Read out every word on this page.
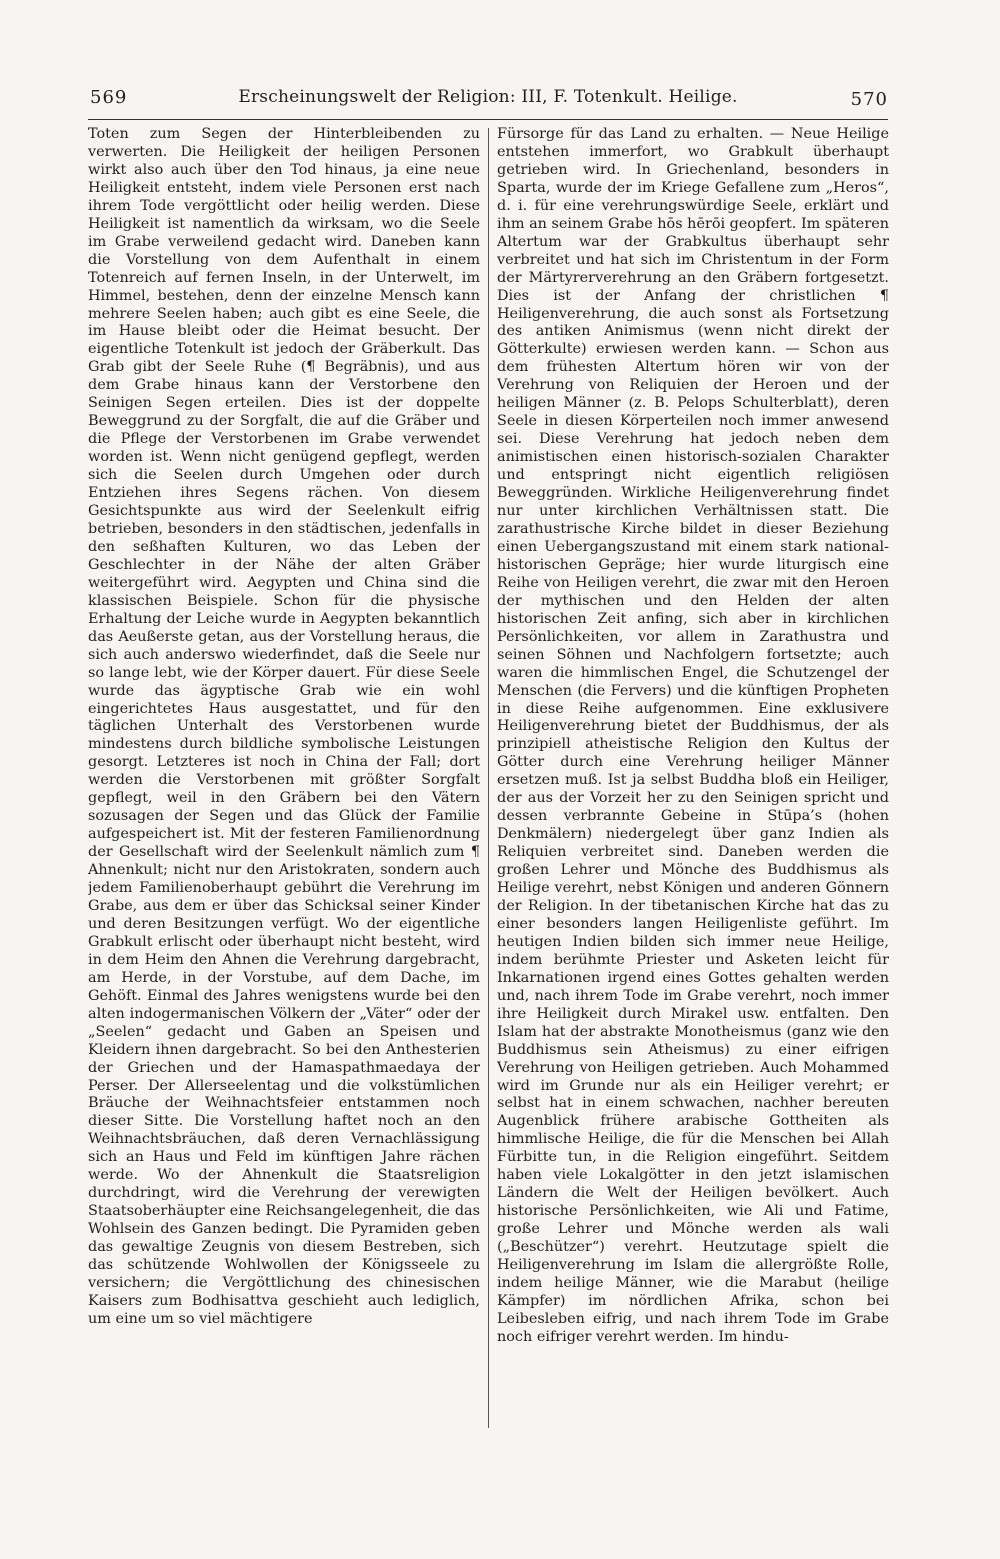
569	Erscheinungswelt der Religion: III, F. Totenkult. Heilige.	570

Toten zum Segen der Hinterbleibenden zu verwerten. Die Heiligkeit der heiligen Personen wirkt also auch über den Tod hinaus, ja eine neue Heiligkeit entsteht, indem viele Personen erst nach ihrem Tode vergöttlicht oder heilig werden. Diese Heiligkeit ist namentlich da wirksam, wo die Seele im Grabe verweilend gedacht wird. Daneben kann die Vorstellung von dem Aufenthalt in einem Totenreich auf fernen Inseln, in der Unterwelt, im Himmel, bestehen, denn der einzelne Mensch kann mehrere Seelen haben; auch gibt es eine Seele, die im Hause bleibt oder die Heimat besucht. Der eigentliche Totenkult ist jedoch der Gräberkult. Das Grab gibt der Seele Ruhe (¶ Begräbnis), und aus dem Grabe hinaus kann der Verstorbene den Seinigen Segen erteilen. Dies ist der doppelte Beweggrund zu der Sorgfalt, die auf die Gräber und die Pflege der Verstorbenen im Grabe verwendet worden ist. Wenn nicht genügend gepflegt, werden sich die Seelen durch Umgehen oder durch Entziehen ihres Segens rächen. Von diesem Gesichtspunkte aus wird der Seelenkult eifrig betrieben, besonders in den städtischen, jedenfalls in den seßhaften Kulturen, wo das Leben der Geschlechter in der Nähe der alten Gräber weitergeführt wird. Aegypten und China sind die klassischen Beispiele. Schon für die physische Erhaltung der Leiche wurde in Aegypten bekanntlich das Aeußerste getan, aus der Vorstellung heraus, die sich auch anderswo wiederfindet, daß die Seele nur so lange lebt, wie der Körper dauert. Für diese Seele wurde das ägyptische Grab wie ein wohl eingerichtetes Haus ausgestattet, und für den täglichen Unterhalt des Verstorbenen wurde mindestens durch bildliche symbolische Leistungen gesorgt. Letzteres ist noch in China der Fall; dort werden die Verstorbenen mit größter Sorgfalt gepflegt, weil in den Gräbern bei den Vätern sozusagen der Segen und das Glück der Familie aufgespeichert ist. Mit der festeren Familienordnung der Gesellschaft wird der Seelenkult nämlich zum ¶ Ahnenkult; nicht nur den Aristokraten, sondern auch jedem Familienoberhaupt gebührt die Verehrung im Grabe, aus dem er über das Schicksal seiner Kinder und deren Besitzungen verfügt. Wo der eigentliche Grabkult erlischt oder überhaupt nicht besteht, wird in dem Heim den Ahnen die Verehrung dargebracht, am Herde, in der Vorstube, auf dem Dache, im Gehöft. Einmal des Jahres wenigstens wurde bei den alten indogermanischen Völkern der „Väter“ oder der „Seelen“ gedacht und Gaben an Speisen und Kleidern ihnen dargebracht. So bei den Anthesterien der Griechen und der Hamaspathmaedaya der Perser. Der Allerseelentag und die volkstümlichen Bräuche der Weihnachtsfeier entstammen noch dieser Sitte. Die Vorstellung haftet noch an den Weihnachtsbräuchen, daß deren Vernachlässigung sich an Haus und Feld im künftigen Jahre rächen werde. Wo der Ahnenkult die Staatsreligion durchdringt, wird die Verehrung der verewigten Staatsoberhäupter eine Reichsangelegenheit, die das Wohlsein des Ganzen bedingt. Die Pyramiden geben das gewaltige Zeugnis von diesem Bestreben, sich das schützende Wohlwollen der Königsseele zu versichern; die Vergöttlichung des chinesischen Kaisers zum Bodhisattva geschieht auch lediglich, um eine um so viel mächtigere

Fürsorge für das Land zu erhalten. — Neue Heilige entstehen immerfort, wo Grabkult überhaupt getrieben wird. In Griechenland, besonders in Sparta, wurde der im Kriege Gefallene zum „Heros“, d. i. für eine verehrungswürdige Seele, erklärt und ihm an seinem Grabe hōs hērōi geopfert. Im späteren Altertum war der Grabkultus überhaupt sehr verbreitet und hat sich im Christentum in der Form der Märtyrerverehrung an den Gräbern fortgesetzt. Dies ist der Anfang der christlichen ¶ Heiligenverehrung, die auch sonst als Fortsetzung des antiken Animismus (wenn nicht direkt der Götterkulte) erwiesen werden kann. — Schon aus dem frühesten Altertum hören wir von der Verehrung von Reliquien der Heroen und der heiligen Männer (z. B. Pelops Schulterblatt), deren Seele in diesen Körperteilen noch immer anwesend sei. Diese Verehrung hat jedoch neben dem animistischen einen historisch-sozialen Charakter und entspringt nicht eigentlich religiösen Beweggründen. Wirkliche Heiligenverehrung findet nur unter kirchlichen Verhältnissen statt. Die zarathustrische Kirche bildet in dieser Beziehung einen Uebergangszustand mit einem stark national-historischen Gepräge; hier wurde liturgisch eine Reihe von Heiligen verehrt, die zwar mit den Heroen der mythischen und den Helden der alten historischen Zeit anfing, sich aber in kirchlichen Persönlichkeiten, vor allem in Zarathustra und seinen Söhnen und Nachfolgern fortsetzte; auch waren die himmlischen Engel, die Schutzengel der Menschen (die Fervers) und die künftigen Propheten in diese Reihe aufgenommen. Eine exklusivere Heiligenverehrung bietet der Buddhismus, der als prinzipiell atheistische Religion den Kultus der Götter durch eine Verehrung heiliger Männer ersetzen muß. Ist ja selbst Buddha bloß ein Heiliger, der aus der Vorzeit her zu den Seinigen spricht und dessen verbrannte Gebeine in Stūpa’s (hohen Denkmälern) niedergelegt über ganz Indien als Reliquien verbreitet sind. Daneben werden die großen Lehrer und Mönche des Buddhismus als Heilige verehrt, nebst Königen und anderen Gönnern der Religion. In der tibetanischen Kirche hat das zu einer besonders langen Heiligenliste geführt. Im heutigen Indien bilden sich immer neue Heilige, indem berühmte Priester und Asketen leicht für Inkarnationen irgend eines Gottes gehalten werden und, nach ihrem Tode im Grabe verehrt, noch immer ihre Heiligkeit durch Mirakel usw. entfalten. Den Islam hat der abstrakte Monotheismus (ganz wie den Buddhismus sein Atheismus) zu einer eifrigen Verehrung von Heiligen getrieben. Auch Mohammed wird im Grunde nur als ein Heiliger verehrt; er selbst hat in einem schwachen, nachher bereuten Augenblick frühere arabische Gottheiten als himmlische Heilige, die für die Menschen bei Allah Fürbitte tun, in die Religion eingeführt. Seitdem haben viele Lokalgötter in den jetzt islamischen Ländern die Welt der Heiligen bevölkert. Auch historische Persönlichkeiten, wie Ali und Fatime, große Lehrer und Mönche werden als wali („Beschützer“) verehrt. Heutzutage spielt die Heiligenverehrung im Islam die allergrößte Rolle, indem heilige Männer, wie die Marabut (heilige Kämpfer) im nördlichen Afrika, schon bei Leibesleben eifrig, und nach ihrem Tode im Grabe noch eifriger verehrt werden. Im hindu-
